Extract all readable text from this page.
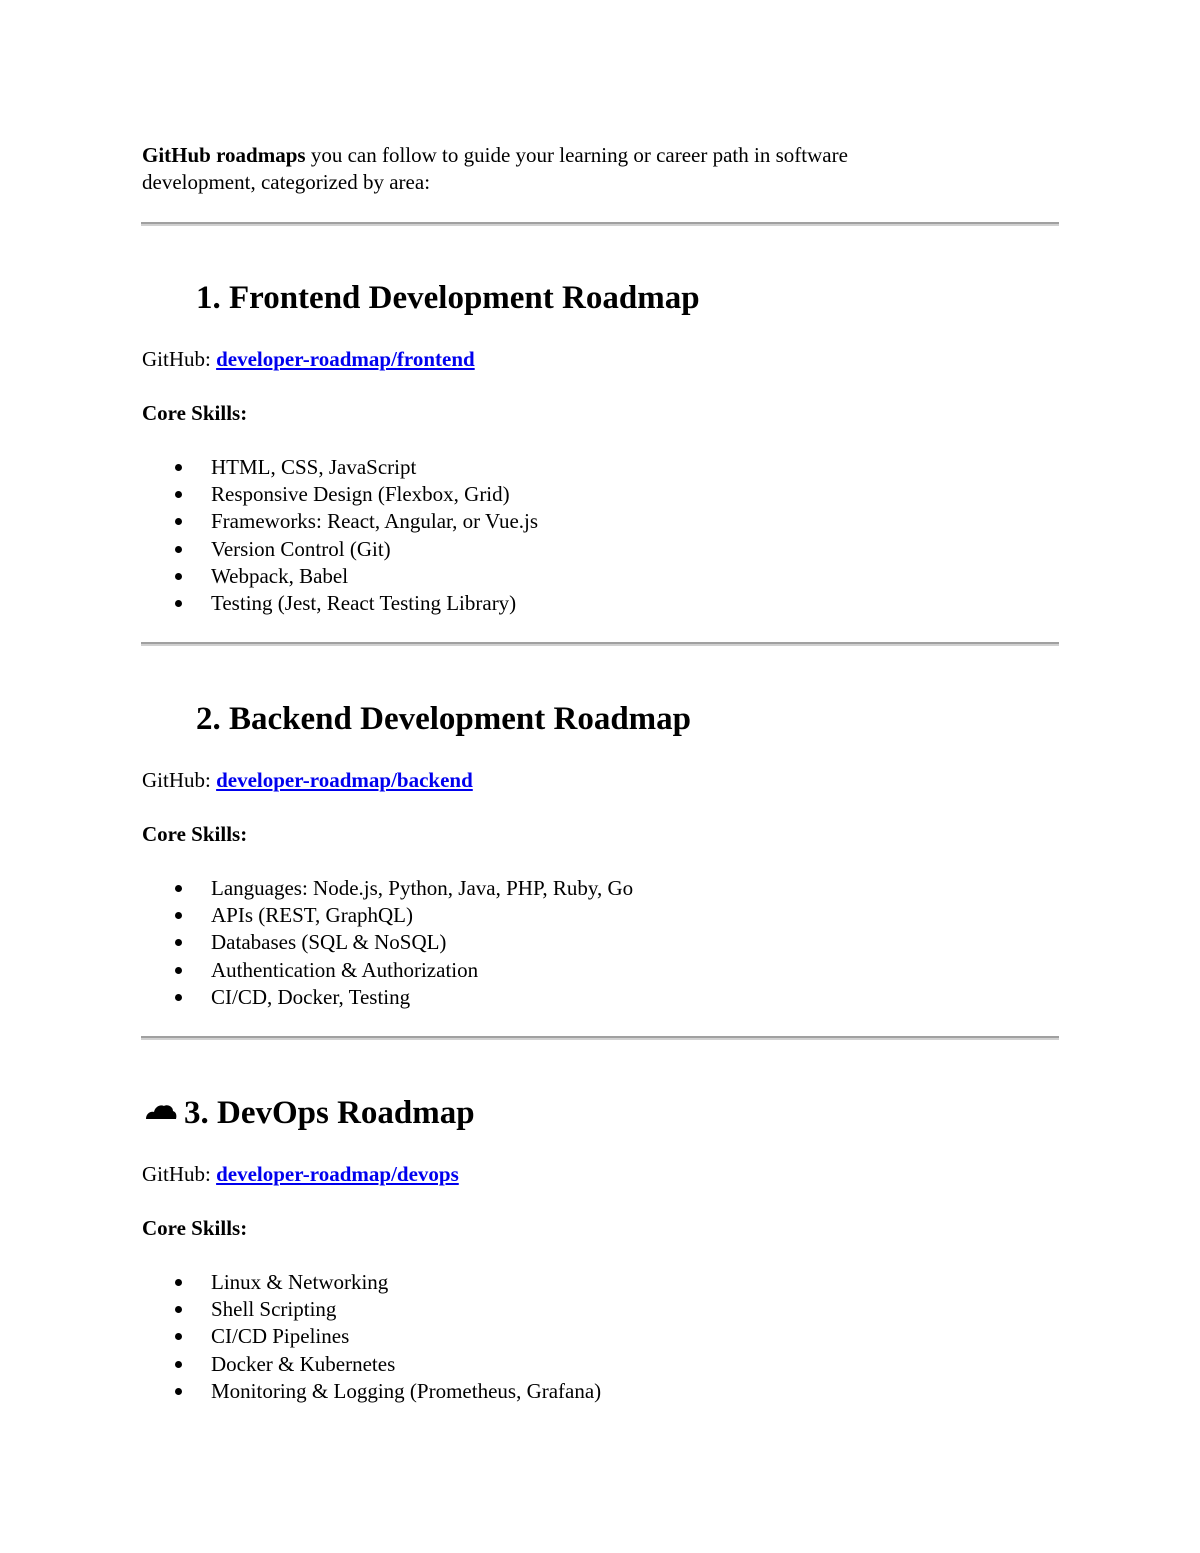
GitHub roadmaps you can follow to guide your learning or career path in software development, categorized by area:
1. Frontend Development Roadmap
GitHub: developer-roadmap/frontend
Core Skills:
HTML, CSS, JavaScript
Responsive Design (Flexbox, Grid)
Frameworks: React, Angular, or Vue.js
Version Control (Git)
Webpack, Babel
Testing (Jest, React Testing Library)
2. Backend Development Roadmap
GitHub: developer-roadmap/backend
Core Skills:
Languages: Node.js, Python, Java, PHP, Ruby, Go
APIs (REST, GraphQL)
Databases (SQL & NoSQL)
Authentication & Authorization
CI/CD, Docker, Testing
3. DevOps Roadmap
GitHub: developer-roadmap/devops
Core Skills:
Linux & Networking
Shell Scripting
CI/CD Pipelines
Docker & Kubernetes
Monitoring & Logging (Prometheus, Grafana)
